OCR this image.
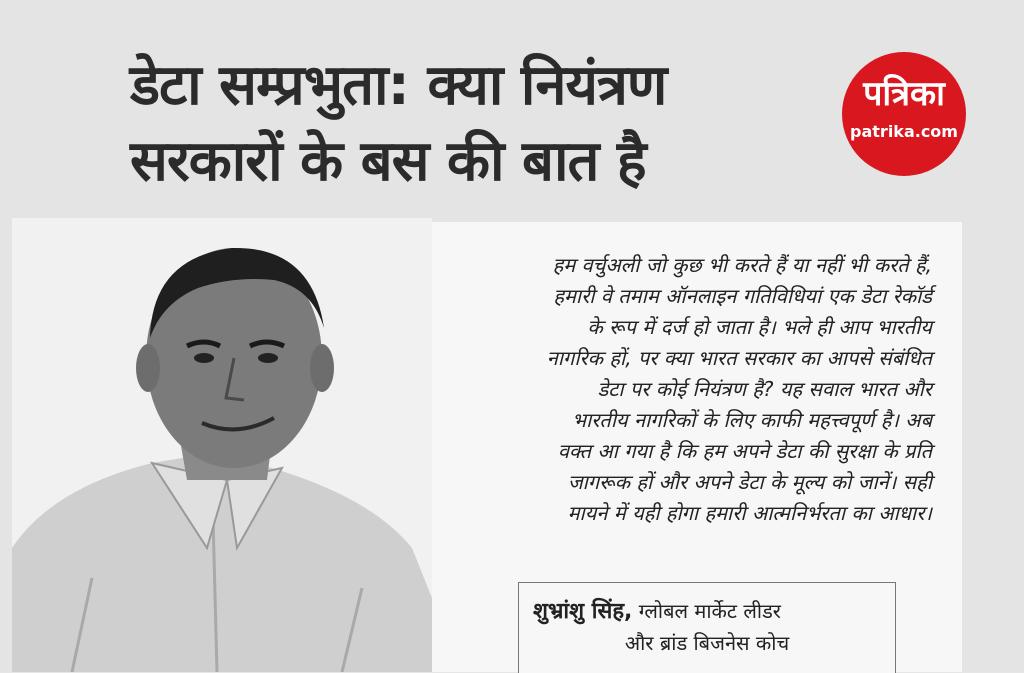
डेटा सम्प्रभुता: क्या नियंत्रण
सरकारों के बस की बात है
पत्रिका
patrika.com
हम वर्चुअली जो कुछ भी करते हैं या नहीं भी करते हैं,
हमारी वे तमाम ऑनलाइन गतिविधियां एक डेटा रेकॉर्ड
के रूप में दर्ज हो जाता है। भले ही आप भारतीय
नागरिक हों, पर क्या भारत सरकार का आपसे संबंधित
डेटा पर कोई नियंत्रण है? यह सवाल भारत और
भारतीय नागरिकों के लिए काफी महत्त्वपूर्ण है। अब
वक्त आ गया है कि हम अपने डेटा की सुरक्षा के प्रति
जागरूक हों और अपने डेटा के मूल्य को जानें। सही
मायने में यही होगा हमारी आत्मनिर्भरता का आधार।
शुभ्रांशु सिंह, ग्लोबल मार्केट लीडर
और ब्रांड बिजनेस कोच
